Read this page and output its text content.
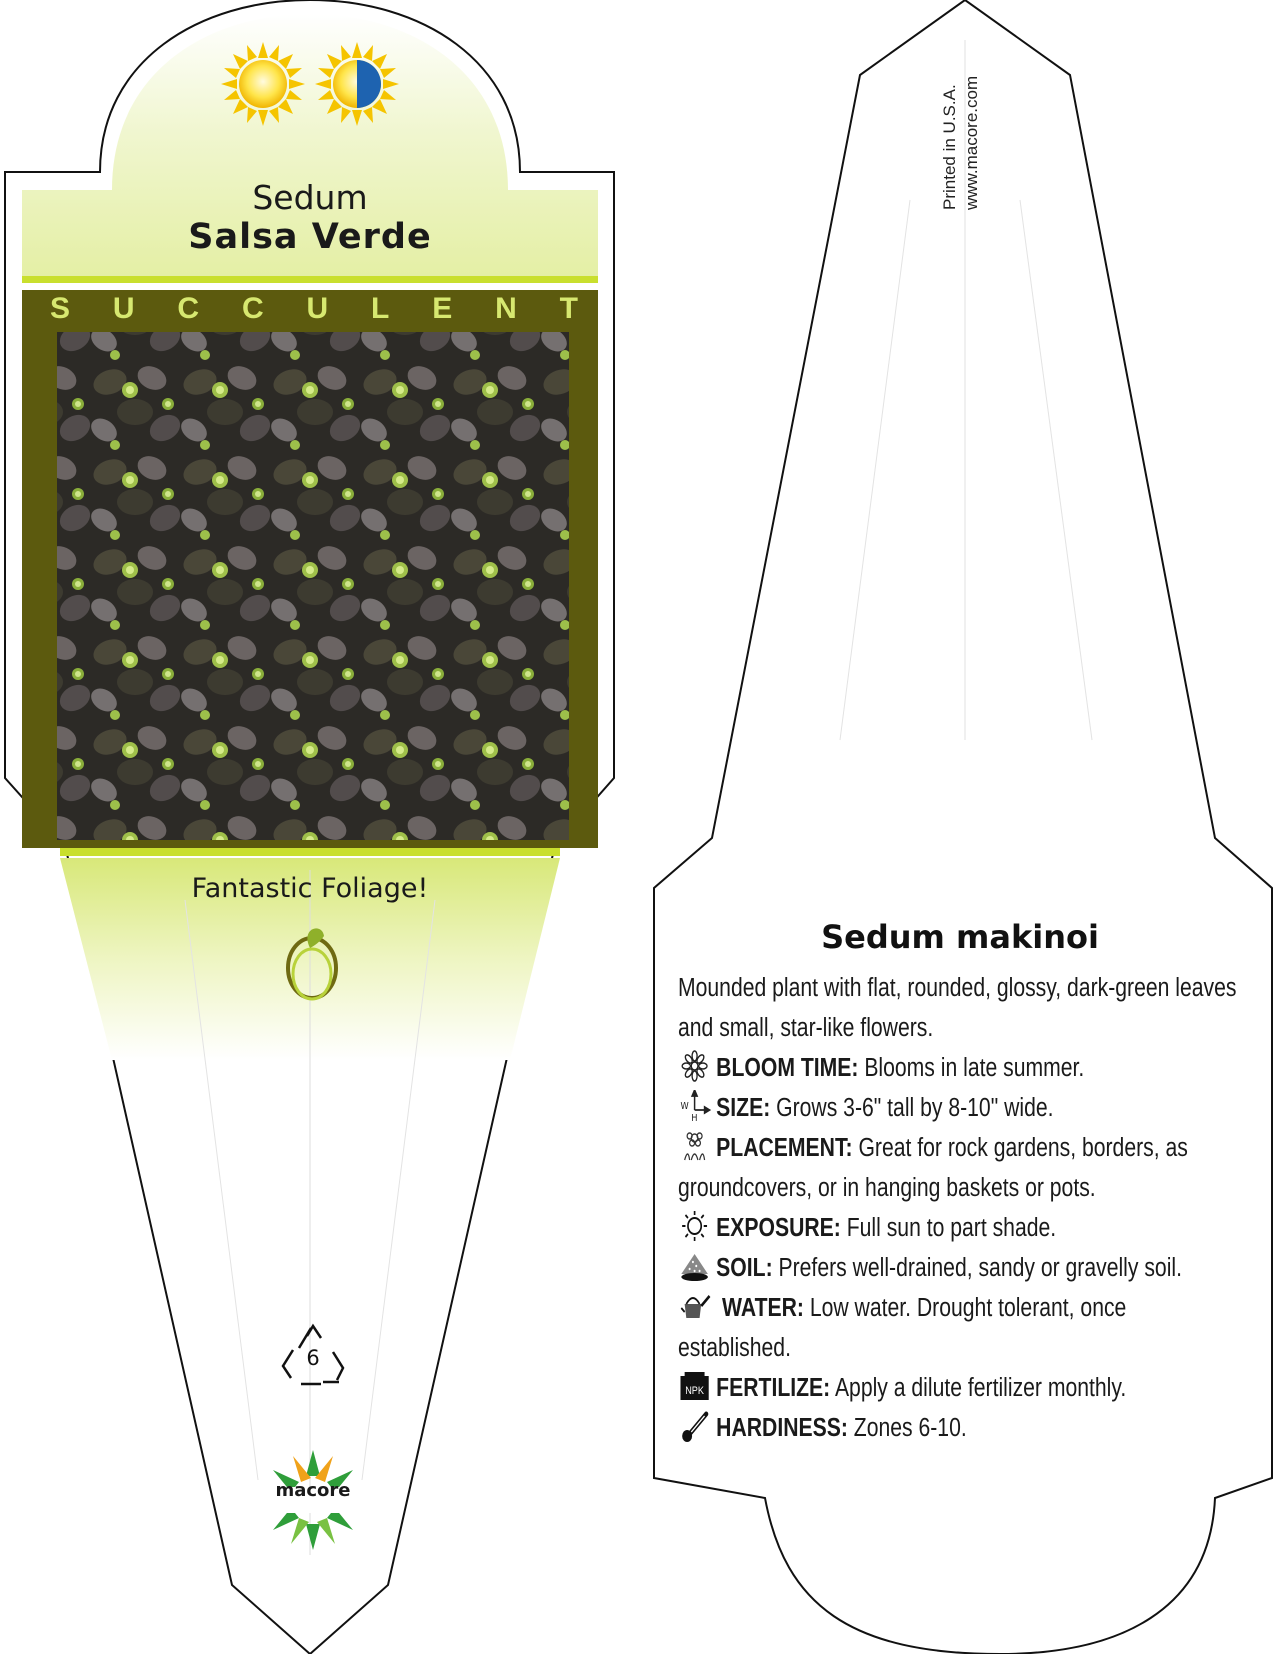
Sedum
Salsa Verde
S U C C U L E N T
Fantastic Foliage!
6
macore
Printed in U.S.A. www.macore.com
Sedum makinoi

Mounded plant with flat, rounded, glossy, dark-green leaves and small, star-like flowers.

BLOOM TIME: Blooms in late summer.

W
H SIZE: Grows 3-6" tall by 8-10" wide.

PLACEMENT: Great for rock gardens, borders, as groundcovers, or in hanging baskets or pots.

EXPOSURE: Full sun to part shade.

SOIL: Prefers well-drained, sandy or gravelly soil.

WATER: Low water. Drought tolerant, once established.

NPK FERTILIZE: Apply a dilute fertilizer monthly.

HARDINESS: Zones 6-10.
